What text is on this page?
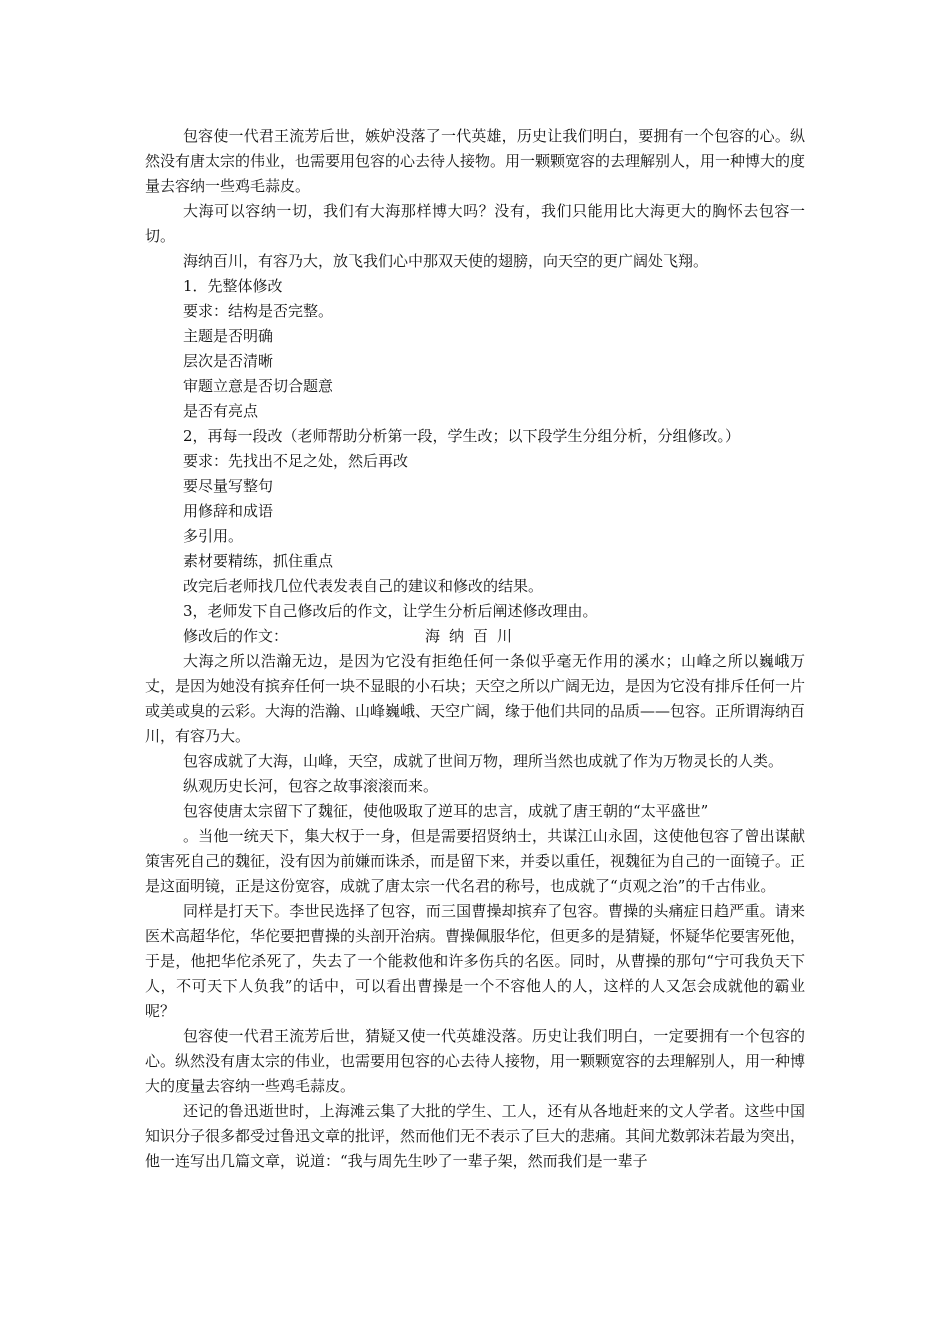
包容使一代君王流芳后世，嫉妒没落了一代英雄，历史让我们明白，要拥有一个包容的心。纵然没有唐太宗的伟业，也需要用包容的心去待人接物。用一颗颗宽容的去理解别人，用一种博大的度量去容纳一些鸡毛蒜皮。

大海可以容纳一切，我们有大海那样博大吗？没有，我们只能用比大海更大的胸怀去包容一切。

海纳百川，有容乃大，放飞我们心中那双天使的翅膀，向天空的更广阔处飞翔。

1．先整体修改

要求：结构是否完整。

主题是否明确

层次是否清晰

审题立意是否切合题意

是否有亮点

2，再每一段改（老师帮助分析第一段，学生改；以下段学生分组分析，分组修改。）

要求：先找出不足之处，然后再改

要尽量写整句

用修辞和成语

多引用。

素材要精练，抓住重点

改完后老师找几位代表发表自己的建议和修改的结果。

3，老师发下自己修改后的作文，让学生分析后阐述修改理由。

修改后的作文：	海纳百川

大海之所以浩瀚无边，是因为它没有拒绝任何一条似乎毫无作用的溪水；山峰之所以巍峨万丈，是因为她没有摈弃任何一块不显眼的小石块；天空之所以广阔无边，是因为它没有排斥任何一片或美或臭的云彩。大海的浩瀚、山峰巍峨、天空广阔，缘于他们共同的品质——包容。正所谓海纳百川，有容乃大。

包容成就了大海，山峰，天空，成就了世间万物，理所当然也成就了作为万物灵长的人类。

纵观历史长河，包容之故事滚滚而来。

包容使唐太宗留下了魏征，使他吸取了逆耳的忠言，成就了唐王朝的“太平盛世”

。当他一统天下，集大权于一身，但是需要招贤纳士，共谋江山永固，这使他包容了曾出谋献策害死自己的魏征，没有因为前嫌而诛杀，而是留下来，并委以重任，视魏征为自己的一面镜子。正是这面明镜，正是这份宽容，成就了唐太宗一代名君的称号，也成就了“贞观之治”的千古伟业。

同样是打天下。李世民选择了包容，而三国曹操却摈弃了包容。曹操的头痛症日趋严重。请来医术高超华佗，华佗要把曹操的头剖开治病。曹操佩服华佗，但更多的是猜疑，怀疑华佗要害死他，于是，他把华佗杀死了，失去了一个能救他和许多伤兵的名医。同时，从曹操的那句“宁可我负天下人，不可天下人负我”的话中，可以看出曹操是一个不容他人的人，这样的人又怎会成就他的霸业呢？

包容使一代君王流芳后世，猜疑又使一代英雄没落。历史让我们明白，一定要拥有一个包容的心。纵然没有唐太宗的伟业，也需要用包容的心去待人接物，用一颗颗宽容的去理解别人，用一种博大的度量去容纳一些鸡毛蒜皮。

还记的鲁迅逝世时，上海滩云集了大批的学生、工人，还有从各地赶来的文人学者。这些中国知识分子很多都受过鲁迅文章的批评，然而他们无不表示了巨大的悲痛。其间尤数郭沫若最为突出，他一连写出几篇文章，说道：“我与周先生吵了一辈子架，然而我们是一辈子
